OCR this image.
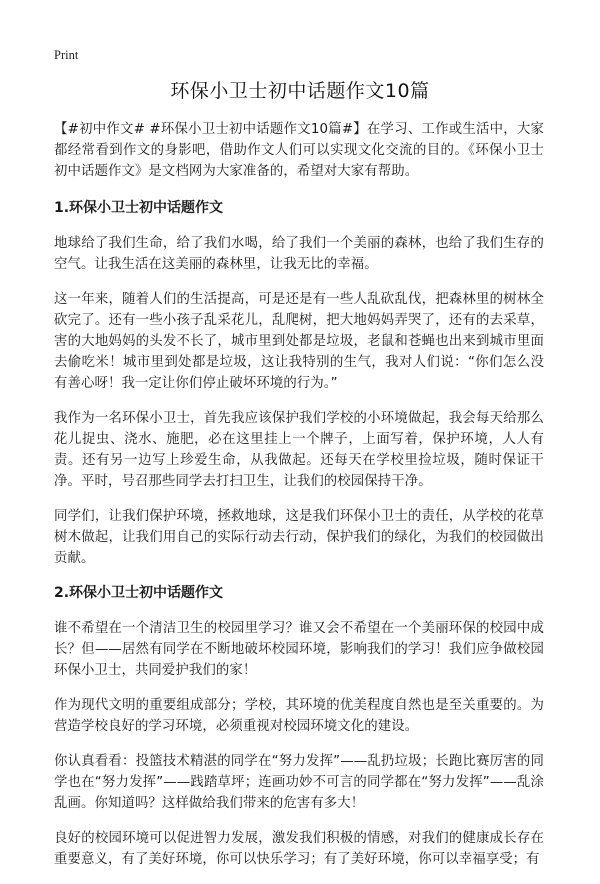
Print
环保小卫士初中话题作文10篇

【#初中作文# #环保小卫士初中话题作文10篇#】在学习、工作或生活中，大家都经常看到作文的身影吧，借助作文人们可以实现文化交流的目的。《环保小卫士初中话题作文》是文档网为大家准备的，希望对大家有帮助。

1.环保小卫士初中话题作文

地球给了我们生命，给了我们水喝，给了我们一个美丽的森林，也给了我们生存的空气。让我生活在这美丽的森林里，让我无比的幸福。

这一年来，随着人们的生活提高，可是还是有一些人乱砍乱伐，把森林里的树林全砍完了。还有一些小孩子乱采花儿，乱爬树，把大地妈妈弄哭了，还有的去采草，害的大地妈妈的头发不长了，城市里到处都是垃圾，老鼠和苍蝇也出来到城市里面去偷吃米！城市里到处都是垃圾，这让我特别的生气，我对人们说：“你们怎么没有善心呀！我一定让你们停止破坏环境的行为。”

我作为一名环保小卫士，首先我应该保护我们学校的小环境做起，我会每天给那么花儿捉虫、浇水、施肥，必在这里挂上一个牌子，上面写着，保护环境，人人有责。还有另一边写上珍爱生命，从我做起。还每天在学校里捡垃圾，随时保证干净。平时，号召那些同学去打扫卫生，让我们的校园保持干净。

同学们，让我们保护环境，拯救地球，这是我们环保小卫士的责任，从学校的花草树木做起，让我们用自己的实际行动去行动，保护我们的绿化，为我们的校园做出贡献。

2.环保小卫士初中话题作文

谁不希望在一个清洁卫生的校园里学习？谁又会不希望在一个美丽环保的校园中成长？但——居然有同学在不断地破坏校园环境，影响我们的学习！我们应争做校园环保小卫士，共同爱护我们的家！

作为现代文明的重要组成部分；学校，其环境的优美程度自然也是至关重要的。为营造学校良好的学习环境，必须重视对校园环境文化的建设。

你认真看看：投篮技术精湛的同学在“努力发挥”——乱扔垃圾；长跑比赛厉害的同学也在“努力发挥”——践踏草坪；连画功妙不可言的同学都在“努力发挥”——乱涂乱画。你知道吗？这样做给我们带来的危害有多大！

良好的校园环境可以促进智力发展，激发我们积极的情感，对我们的健康成长存在重要意义，有了美好环境，你可以快乐学习；有了美好环境，你可以幸福享受；有
